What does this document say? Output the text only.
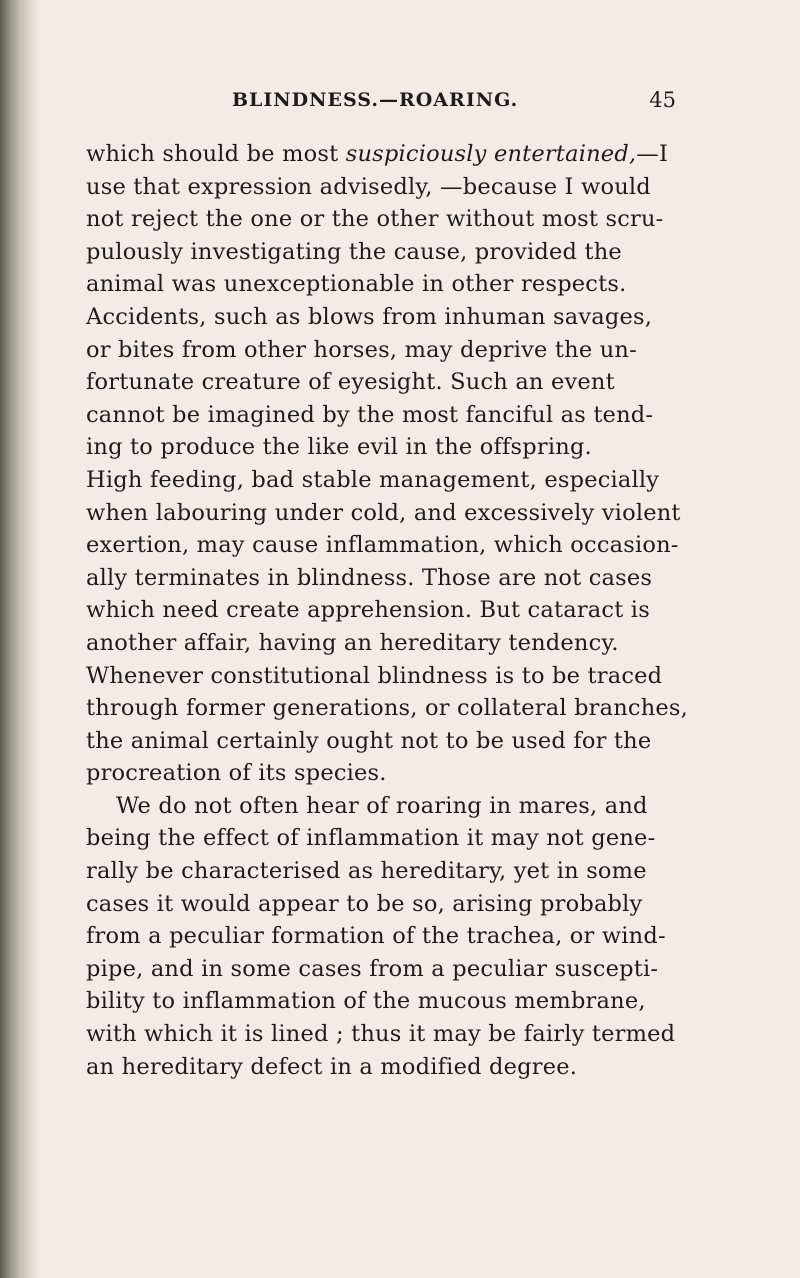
BLINDNESS.—ROARING.	45
which should be most suspiciously entertained,—I
use that expression advisedly, —because I would
not reject the one or the other without most scru-
pulously investigating the cause, provided the
animal was unexceptionable in other respects.
Accidents, such as blows from inhuman savages,
or bites from other horses, may deprive the un-
fortunate creature of eyesight. Such an event
cannot be imagined by the most fanciful as tend-
ing to produce the like evil in the offspring.
High feeding, bad stable management, especially
when labouring under cold, and excessively violent
exertion, may cause inflammation, which occasion-
ally terminates in blindness. Those are not cases
which need create apprehension. But cataract is
another affair, having an hereditary tendency.
Whenever constitutional blindness is to be traced
through former generations, or collateral branches,
the animal certainly ought not to be used for the
procreation of its species.
We do not often hear of roaring in mares, and
being the effect of inflammation it may not gene-
rally be characterised as hereditary, yet in some
cases it would appear to be so, arising probably
from a peculiar formation of the trachea, or wind-
pipe, and in some cases from a peculiar suscepti-
bility to inflammation of the mucous membrane,
with which it is lined ; thus it may be fairly termed
an hereditary defect in a modified degree.
